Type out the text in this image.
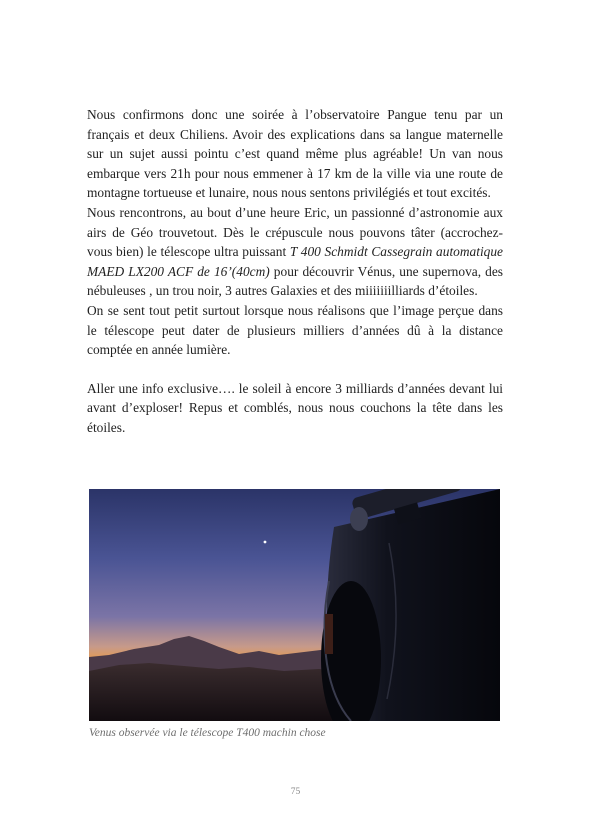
Nous confirmons donc une soirée à l’observatoire Pangue tenu par un français et deux Chiliens. Avoir des explications dans sa langue maternelle sur un sujet aussi pointu c’est quand même plus agréable! Un van nous embarque vers 21h pour nous emmener à 17 km de la ville via une route de montagne tortueuse et lunaire, nous nous sentons privilégiés et tout excités.

Nous rencontrons, au bout d’une heure Eric, un passionné d’astronomie aux airs de Géo trouvetout. Dès le crépuscule nous pouvons tâter (accrochez-vous bien) le télescope ultra puissant T 400 Schmidt Cassegrain automatique MAED LX200 ACF de 16’(40cm) pour découvrir Vénus, une supernova, des nébuleuses , un trou noir, 3 autres Galaxies et des miiiiiiilliards d’étoiles.

On se sent tout petit surtout lorsque nous réalisons que l’image perçue dans le télescope peut dater de plusieurs milliers d’années dû à la distance comptée en année lumière.

Aller une info exclusive…. le soleil à encore 3 milliards d’années devant lui avant d’exploser! Repus et comblés, nous nous couchons la tête dans les étoiles.

Venus observée via le télescope T400 machin chose
75
